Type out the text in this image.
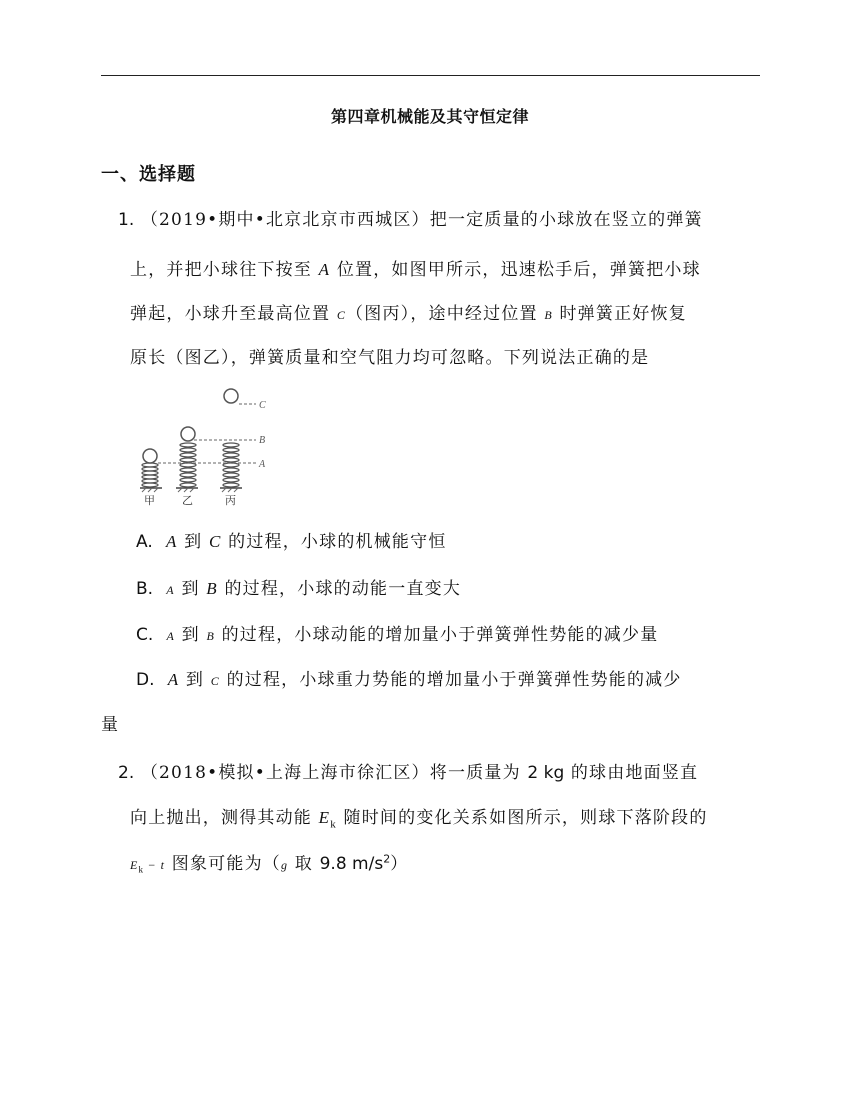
第四章机械能及其守恒定律
一、选择题
1. （2019•期中•北京北京市西城区）把一定质量的小球放在竖立的弹簧
上，并把小球往下按至 A 位置，如图甲所示，迅速松手后，弹簧把小球
弹起，小球升至最高位置 C（图丙），途中经过位置 B 时弹簧正好恢复
原长（图乙），弹簧质量和空气阻力均可忽略。下列说法正确的是
C
B
A
甲 乙	丙
A. A 到 C 的过程，小球的机械能守恒
B. A 到 B 的过程，小球的动能一直变大
C. A 到 B 的过程，小球动能的增加量小于弹簧弹性势能的减少量
D. A 到 C 的过程，小球重力势能的增加量小于弹簧弹性势能的减少
量
2. （2018•模拟•上海上海市徐汇区）将一质量为 2 kg 的球由地面竖直
向上抛出，测得其动能 $E_k$ 随时间的变化关系如图所示，则球下落阶段的
$E_k - t$ 图象可能为（g 取 9.8 $m/s^2$）
